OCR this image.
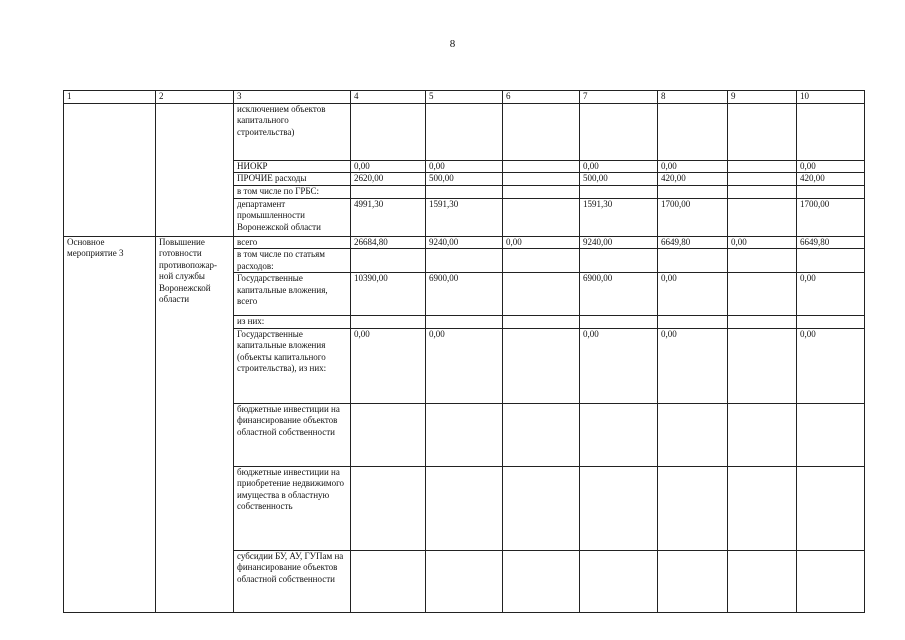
8
1	2	3	4	5	6	7	8	9	10
		исключением объектов капитального строительства)							
		НИОКР	0,00	0,00		0,00	0,00		0,00
		ПРОЧИЕ расходы	2620,00	500,00		500,00	420,00		420,00
		в том числе по ГРБС:							
		департамент промышленности Воронежской области	4991,30	1591,30		1591,30	1700,00		1700,00
Основное мероприятие 3	Повышение готовности противопожар-ной службы Воронежской области	всего	26684,80	9240,00	0,00	9240,00	6649,80	0,00	6649,80
		в том числе по статьям расходов:							
		Государственные капитальные вложения, всего	10390,00	6900,00		6900,00	0,00		0,00
		из них:							
		Государственные капитальные вложения (объекты капитального строительства), из них:	0,00	0,00		0,00	0,00		0,00
		бюджетные инвестиции на финансирование объектов областной собственности							
		бюджетные инвестиции на приобретение недвижимого имущества в областную собственность							
		субсидии БУ, АУ, ГУПам на финансирование объектов областной собственности							
